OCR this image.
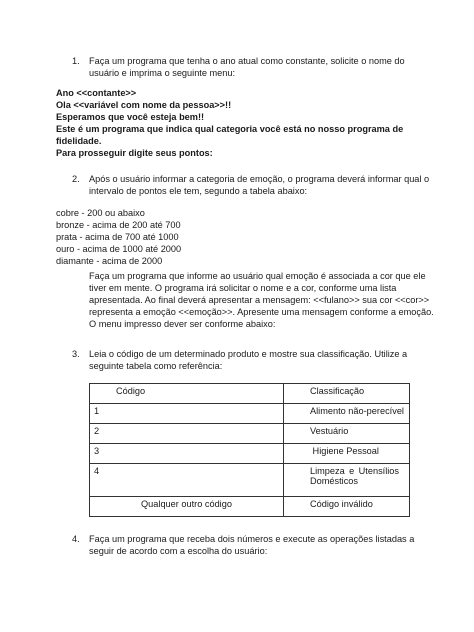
1. Faça um programa que tenha o ano atual como constante, solicite o nome do
usuário e imprima o seguinte menu:
Ano <<contante>>
Ola <<variável com nome da pessoa>>!!
Esperamos que você esteja bem!!
Este é um programa que indica qual categoria você está no nosso programa de
fidelidade.
Para prosseguir digite seus pontos:
2. Após o usuário informar a categoria de emoção, o programa deverá informar qual o
intervalo de pontos ele tem, segundo a tabela abaixo:
cobre - 200 ou abaixo
bronze - acima de 200 até 700
prata - acima de 700 até 1000
ouro - acima de 1000 até 2000
diamante - acima de 2000
Faça um programa que informe ao usuário qual emoção é associada a cor que ele
tiver em mente. O programa irá solicitar o nome e a cor, conforme uma lista
apresentada. Ao final deverá apresentar a mensagem: <<fulano>> sua cor <<cor>>
representa a emoção <<emoção>>. Apresente uma mensagem conforme a emoção.
O menu impresso dever ser conforme abaixo:
3. Leia o código de um determinado produto e mostre sua classificação. Utilize a
seguinte tabela como referência:
Código	Classificação
1	Alimento não-perecível
2	Vestuário
3	Higiene Pessoal
4	Limpeza e Utensílios Domésticos
Qualquer outro código	Código inválido
4. Faça um programa que receba dois números e execute as operações listadas a
seguir de acordo com a escolha do usuário:
